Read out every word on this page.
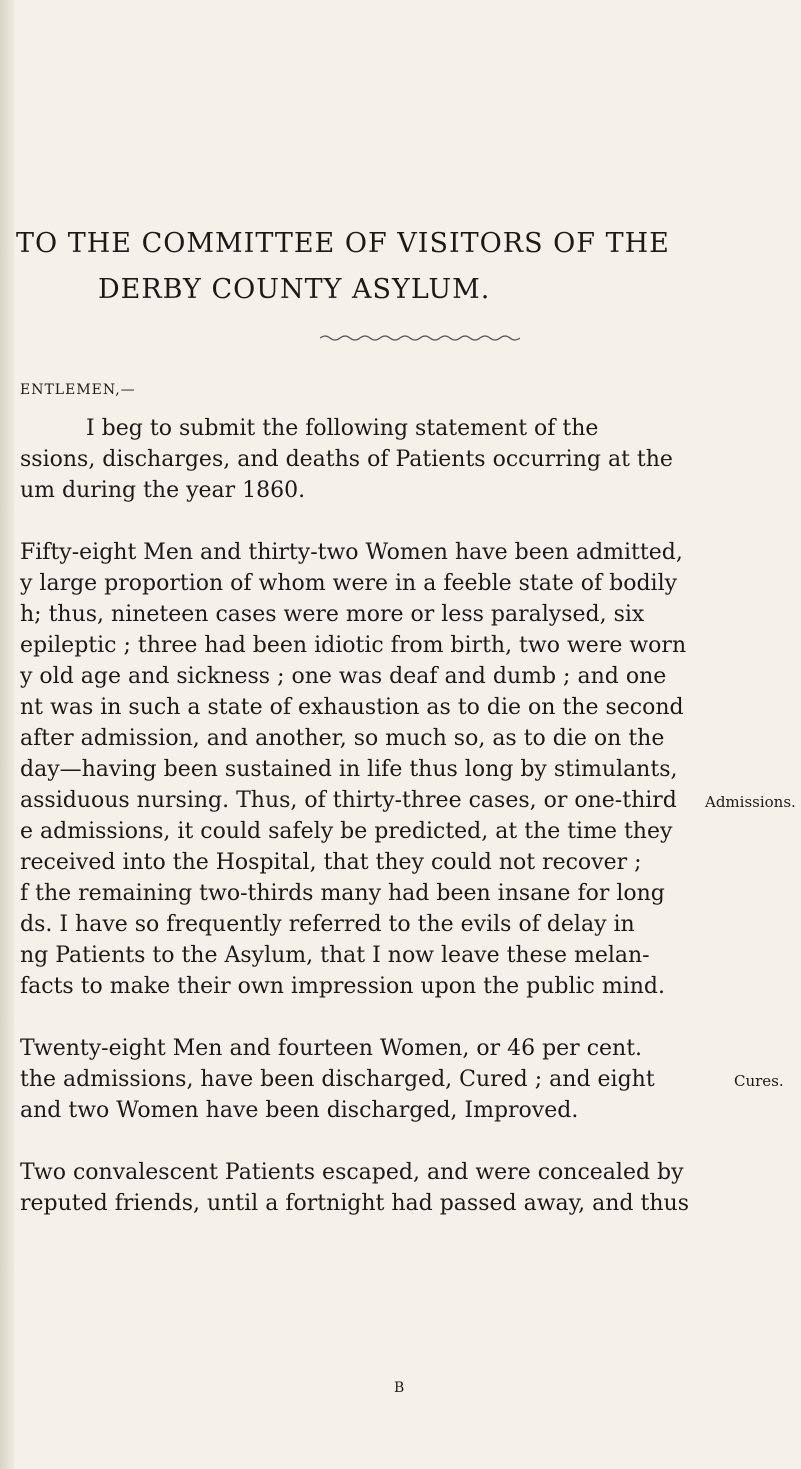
TO THE COMMITTEE OF VISITORS OF THE
DERBY COUNTY ASYLUM.
ENTLEMEN,—
I beg to submit the following statement of the
ssions, discharges, and deaths of Patients occurring at the
um during the year 1860.
Fifty-eight Men and thirty-two Women have been admitted,
y large proportion of whom were in a feeble state of bodily
h; thus, nineteen cases were more or less paralysed, six
epileptic ; three had been idiotic from birth, two were worn
y old age and sickness ; one was deaf and dumb ; and one
nt was in such a state of exhaustion as to die on the second
after admission, and another, so much so, as to die on the
day—having been sustained in life thus long by stimulants,
assiduous nursing. Thus, of thirty-three cases, or one-third
e admissions, it could safely be predicted, at the time they
received into the Hospital, that they could not recover ;
f the remaining two-thirds many had been insane for long
ds. I have so frequently referred to the evils of delay in
ng Patients to the Asylum, that I now leave these melan-
facts to make their own impression upon the public mind.
Twenty-eight Men and fourteen Women, or 46 per cent.
the admissions, have been discharged, Cured ; and eight
and two Women have been discharged, Improved.
Two convalescent Patients escaped, and were concealed by
reputed friends, until a fortnight had passed away, and thus
Admissions.
Cures.
B
